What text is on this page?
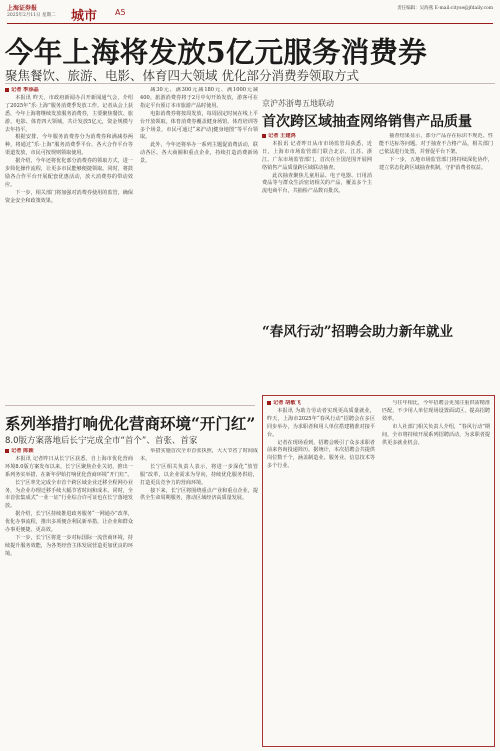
上海证券报
2025年2月11日 星期二	城市 A5	责任编辑：吴海燕 E-mail:cityse@jfdaily.com
今年上海将发放5亿元服务消费券
聚焦餐饮、旅游、电影、体育四大领域 优化部分消费券领取方式
记者 季添晶

本报讯 昨天，市政府新闻办召开新闻通气会，介绍了2025年“乐·上海”服务消费季发放工作。记者从会上获悉，今年上海将继续发放服务消费券，主要聚焦餐饮、旅游、电影、体育四大领域，共计发放5亿元，资金规模与去年持平。

根据安排，今年服务消费券分为消费券和满减券两种，将通过“乐·上海”服务消费季平台、各大合作平台等渠道发放，市民可按规则领取使用。

据介绍，今年还将优化部分消费券的领取方式，进一步简化操作流程，让更多市民能够便捷领取。同时，将鼓励各合作平台开展配套优惠活动，放大消费券的带动效应。

下一步，相关部门将加强对消费券使用的监管，确保资金安全和政策效果。

减30元、满300元减180元、满1000元减400。旅游消费券将于2月中旬开始发放，游客可在指定平台预订本市旅游产品时使用。

电影消费券将按周发放，每周固定时间在线上平台开放领取。体育消费券覆盖健身场馆、体育培训等多个场景，市民可通过“来沪动|健身地图”等平台领取。

此外，今年还将举办一系列主题促消费活动，联动各区、各大商圈和重点企业，持续打造消费新场景。

京沪苏浙粤五地联动
首次跨区域抽查网络销售产品质量
记者 王建鸿

本报讯 记者昨日从市市场监管局获悉，近日，上海市市场监管部门联合北京、江苏、浙江、广东市场监管部门，首次在全国范围开展网络销售产品质量跨区域联动抽查。

此次抽查聚焦儿童用品、电子电器、日用消费品等与群众生活密切相关的产品，覆盖多个主流电商平台，共抽检产品数百批次。

抽查结果显示，部分产品存在标识不规范、性能不达标等问题。对于抽查不合格产品，相关部门已依法进行处置，并督促平台下架。

下一步，五地市场监管部门将持续深化协作，建立常态化跨区域抽查机制，守护消费者权益。

“春风行动”招聘会助力新年就业
系列举措打响优化营商环境“开门红”
8.0版方案落地后长宁完成全市“首个”、首张、首家
记者 陈颖

本报讯 记者昨日从长宁区获悉，自上海市优化营商环境8.0版方案发布以来，长宁区聚焦企业关切，推出一系列务实举措，在新年伊始打响优化营商环境“开门红”。

长宁区率先完成全市首个跨区域企业迁移全程网办业务，为企业办理迁移手续大幅节省时间和成本。同时，全市首张集成式“一业一证”行业综合许可证也在长宁落地发放。

据介绍，长宁区持续推进政务服务“一网通办”改革，优化办事流程，推出多项便企利民新举措，让企业和群众办事更便捷、更高效。

下一步，长宁区将进一步对标国际一流营商环境，持续提升服务效能，为各类经营主体发展营造更加优良的环境。

举措实施首次全市首张执照，大大节省了时间成本。

长宁区相关负责人表示，将进一步深化“放管服”改革，以企业需求为导向，持续优化服务供给，打造更具竞争力的营商环境。

接下来，长宁区将围绕重点产业和重点企业，提供全生命周期服务，推动区域经济高质量发展。

记者 胡敏飞

本报讯 为助力劳动者实现更高质量就业，昨天，上海市2025年“春风行动”招聘会在多区同步举办，为求职者和用人单位搭建精准对接平台。

记者在现场看到，招聘会吸引了众多求职者前来咨询投递简历。据统计，本次招聘会共提供岗位数千个，涵盖制造业、服务业、信息技术等多个行业。

与往年相比，今年招聘会更加注重供需精准匹配，不少用人单位现场设置面试区，提高招聘效率。

市人社部门相关负责人介绍，“春风行动”期间，全市将持续开展系列招聘活动，为求职者提供更多就业机会。
